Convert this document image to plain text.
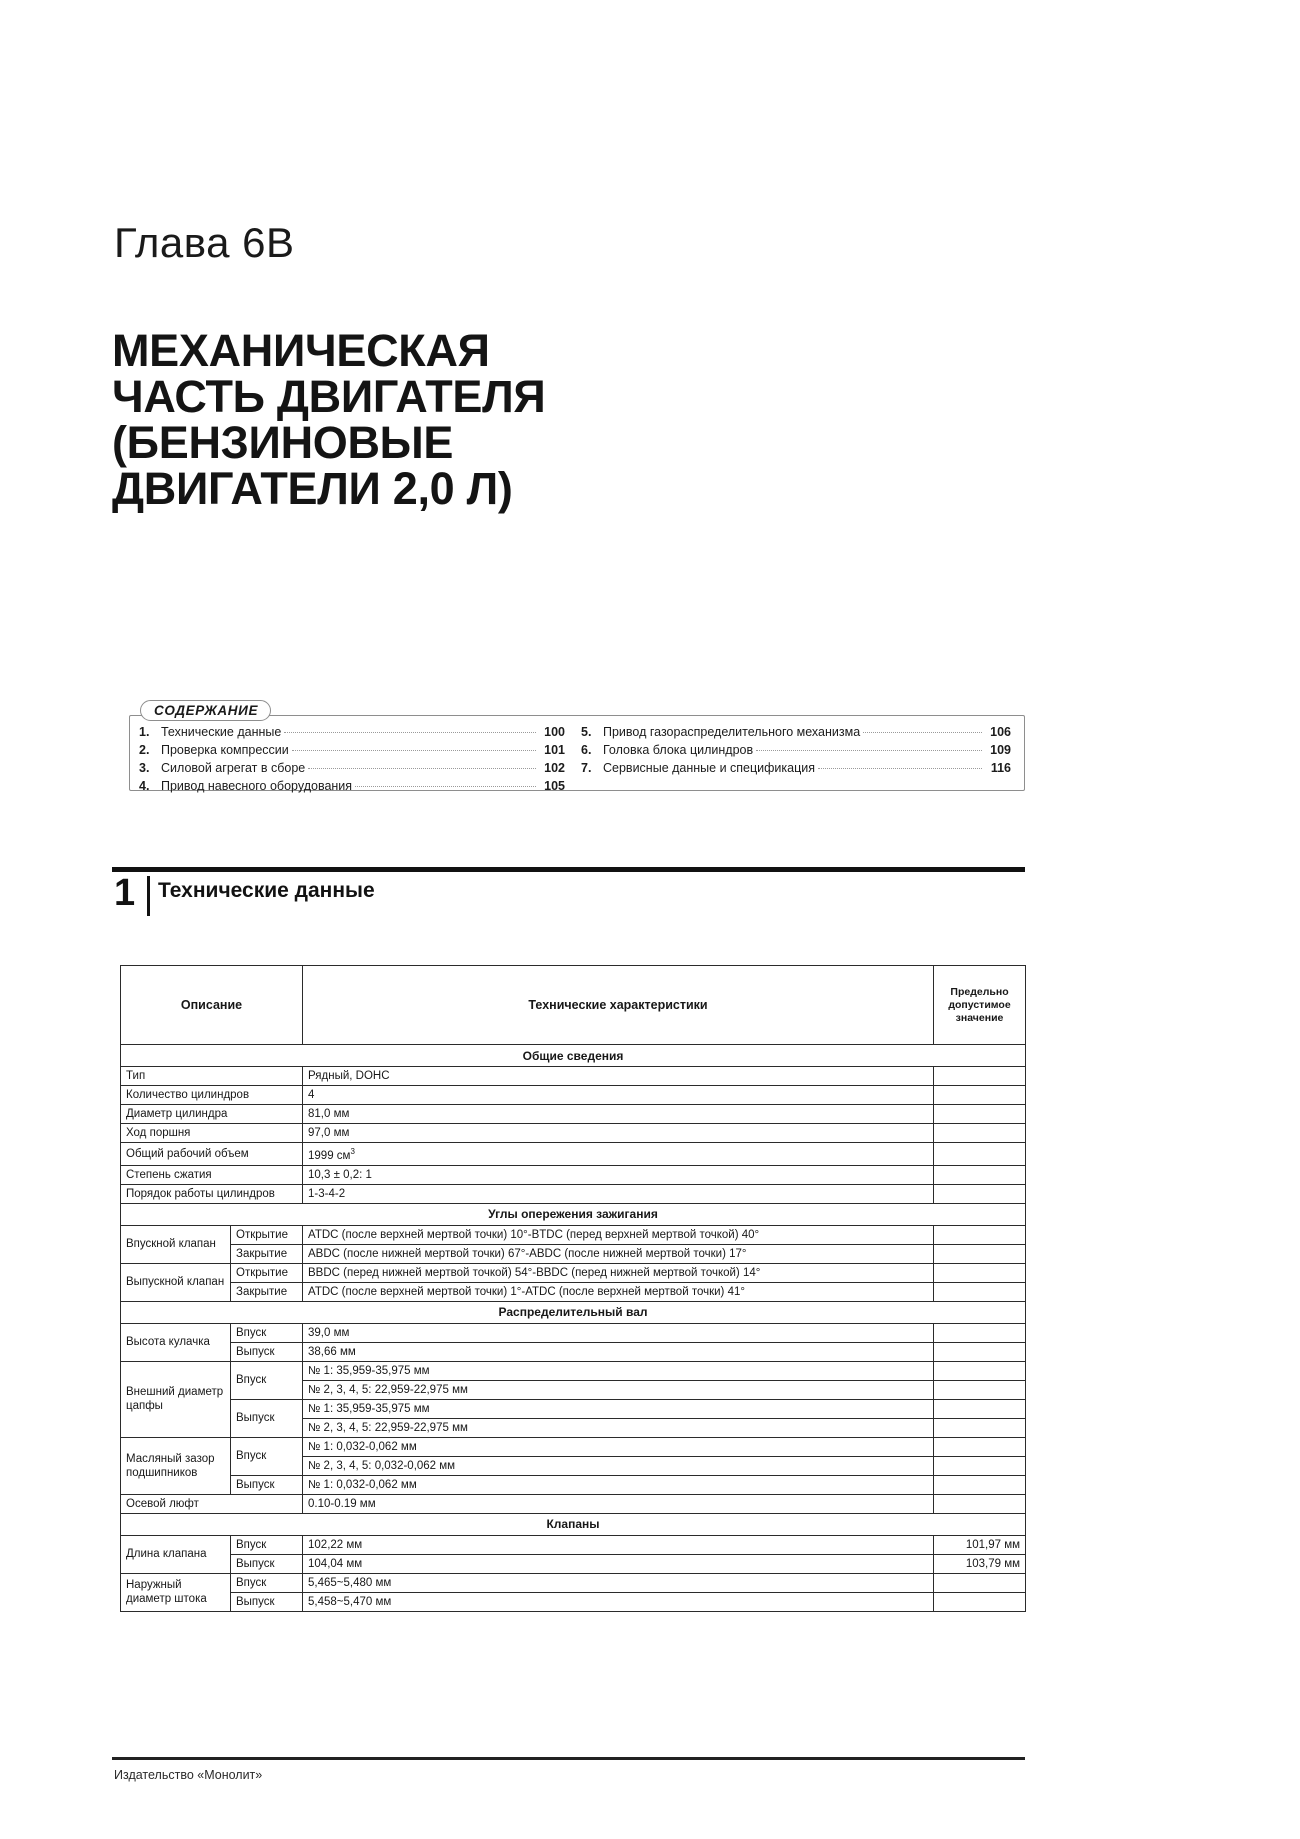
Глава 6B
МЕХАНИЧЕСКАЯ
ЧАСТЬ ДВИГАТЕЛЯ
(БЕНЗИНОВЫЕ
ДВИГАТЕЛИ 2,0 Л)
СОДЕРЖАНИЕ
1. Технические данные	100
2. Проверка компрессии	101
3. Силовой агрегат в сборе	102
4. Привод навесного оборудования	105
5. Привод газораспределительного механизма	106
6. Головка блока цилиндров	109
7. Сервисные данные и спецификация	116
1 Технические данные
Описание		Технические характеристики	Предельно допустимое значение
Общие сведения			
Тип		Рядный, DOHC	
Количество цилиндров		4	
Диаметр цилиндра		81,0 мм	
Ход поршня		97,0 мм	
Общий рабочий объем		1999 $см^3$	
Степень сжатия		10,3 ± 0,2: 1	
Порядок работы цилиндров		1-3-4-2	
Углы опережения зажигания			
Впускной клапан	Открытие	ATDC (после верхней мертвой точки) 10°-BTDC (перед верхней мертвой точкой) 40°	
	Закрытие	ABDC (после нижней мертвой точки) 67°-ABDC (после нижней мертвой точки) 17°	
Выпускной клапан	Открытие	BBDC (перед нижней мертвой точкой) 54°-BBDC (перед нижней мертвой точкой) 14°	
	Закрытие	ATDC (после верхней мертвой точки) 1°-ATDC (после верхней мертвой точки) 41°	
Распределительный вал			
Высота кулачка	Впуск	39,0 мм	
	Выпуск	38,66 мм	
Внешний диаметр цапфы	Впуск	№ 1: 35,959-35,975 мм	
		№ 2, 3, 4, 5: 22,959-22,975 мм	
	Выпуск	№ 1: 35,959-35,975 мм	
		№ 2, 3, 4, 5: 22,959-22,975 мм	
Масляный зазор подшипников	Впуск	№ 1: 0,032-0,062 мм	
		№ 2, 3, 4, 5: 0,032-0,062 мм	
	Выпуск	№ 1: 0,032-0,062 мм	
Осевой люфт		0.10-0.19 мм	
Клапаны			
Длина клапана	Впуск	102,22 мм	101,97 мм
	Выпуск	104,04 мм	103,79 мм
Наружный диаметр штока	Впуск	5,465~5,480 мм	
	Выпуск	5,458~5,470 мм	
Издательство «Монолит»
